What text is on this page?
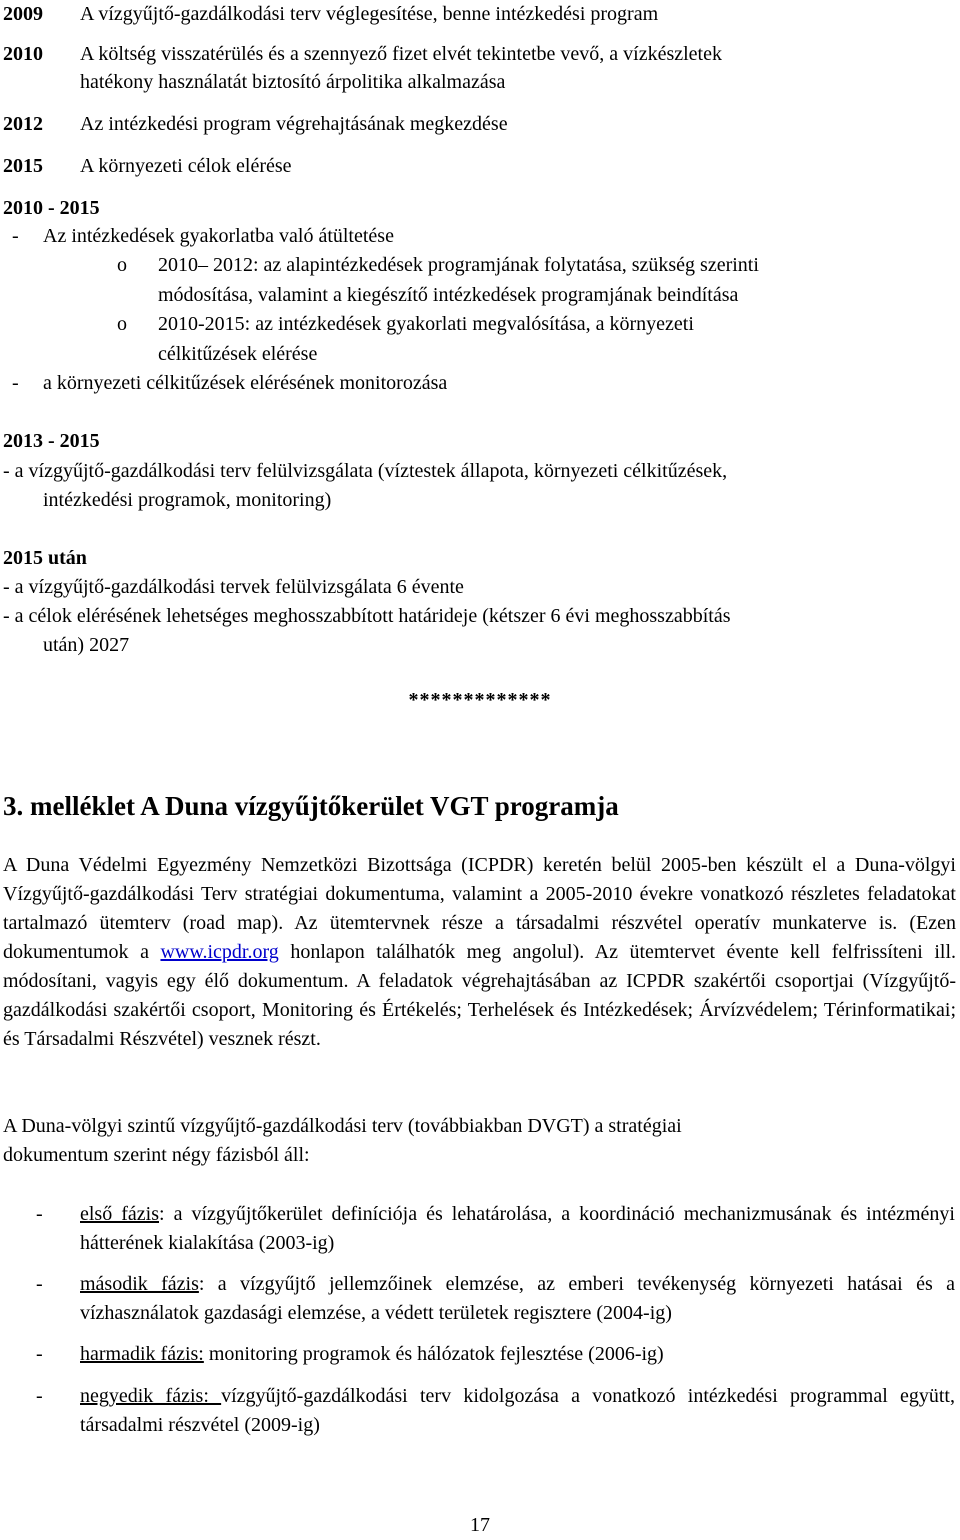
2009 A vízgyűjtő-gazdálkodási terv véglegesítése, benne intézkedési program
2010 A költség visszatérülés és a szennyező fizet elvét tekintetbe vevő, a vízkészletek
hatékony használatát biztosító árpolitika alkalmazása
2012 Az intézkedési program végrehajtásának megkezdése
2015 A környezeti célok elérése
2010 - 2015
- Az intézkedések gyakorlatba való átültetése
o 2010– 2012: az alapintézkedések programjának folytatása, szükség szerinti
módosítása, valamint a kiegészítő intézkedések programjának beindítása
o 2010-2015: az intézkedések gyakorlati megvalósítása, a környezeti
célkitűzések elérése
- a környezeti célkitűzések elérésének monitorozása
2013 - 2015
- a vízgyűjtő-gazdálkodási terv felülvizsgálata (víztestek állapota, környezeti célkitűzések,
intézkedési programok, monitoring)
2015 után
- a vízgyűjtő-gazdálkodási tervek felülvizsgálata 6 évente
- a célok elérésének lehetséges meghosszabbított határideje (kétszer 6 évi meghosszabbítás
után) 2027
*************
3. melléklet A Duna vízgyűjtőkerület VGT programja
A Duna Védelmi Egyezmény Nemzetközi Bizottsága (ICPDR) keretén belül 2005-ben készült el a Duna-völgyi Vízgyűjtő-gazdálkodási Terv stratégiai dokumentuma, valamint a 2005-2010 évekre vonatkozó részletes feladatokat tartalmazó ütemterv (road map). Az ütemtervnek része a társadalmi részvétel operatív munkaterve is. (Ezen dokumentumok a www.icpdr.org honlapon találhatók meg angolul). Az ütemtervet évente kell felfrissíteni ill. módosítani, vagyis egy élő dokumentum. A feladatok végrehajtásában az ICPDR szakértői csoportjai (Vízgyűjtő-gazdálkodási szakértői csoport, Monitoring és Értékelés; Terhelések és Intézkedések; Árvízvédelem; Térinformatikai; és Társadalmi Részvétel) vesznek részt.
A Duna-völgyi szintű vízgyűjtő-gazdálkodási terv (továbbiakban DVGT) a stratégiai
dokumentum szerint négy fázisból áll:
- első fázis: a vízgyűjtőkerület definíciója és lehatárolása, a koordináció mechanizmusának és intézményi hátterének kialakítása (2003-ig)
- második fázis: a vízgyűjtő jellemzőinek elemzése, az emberi tevékenység környezeti hatásai és a vízhasználatok gazdasági elemzése, a védett területek regisztere (2004-ig)
- harmadik fázis: monitoring programok és hálózatok fejlesztése (2006-ig)
- negyedik fázis: vízgyűjtő-gazdálkodási terv kidolgozása a vonatkozó intézkedési programmal együtt, társadalmi részvétel (2009-ig)
17
